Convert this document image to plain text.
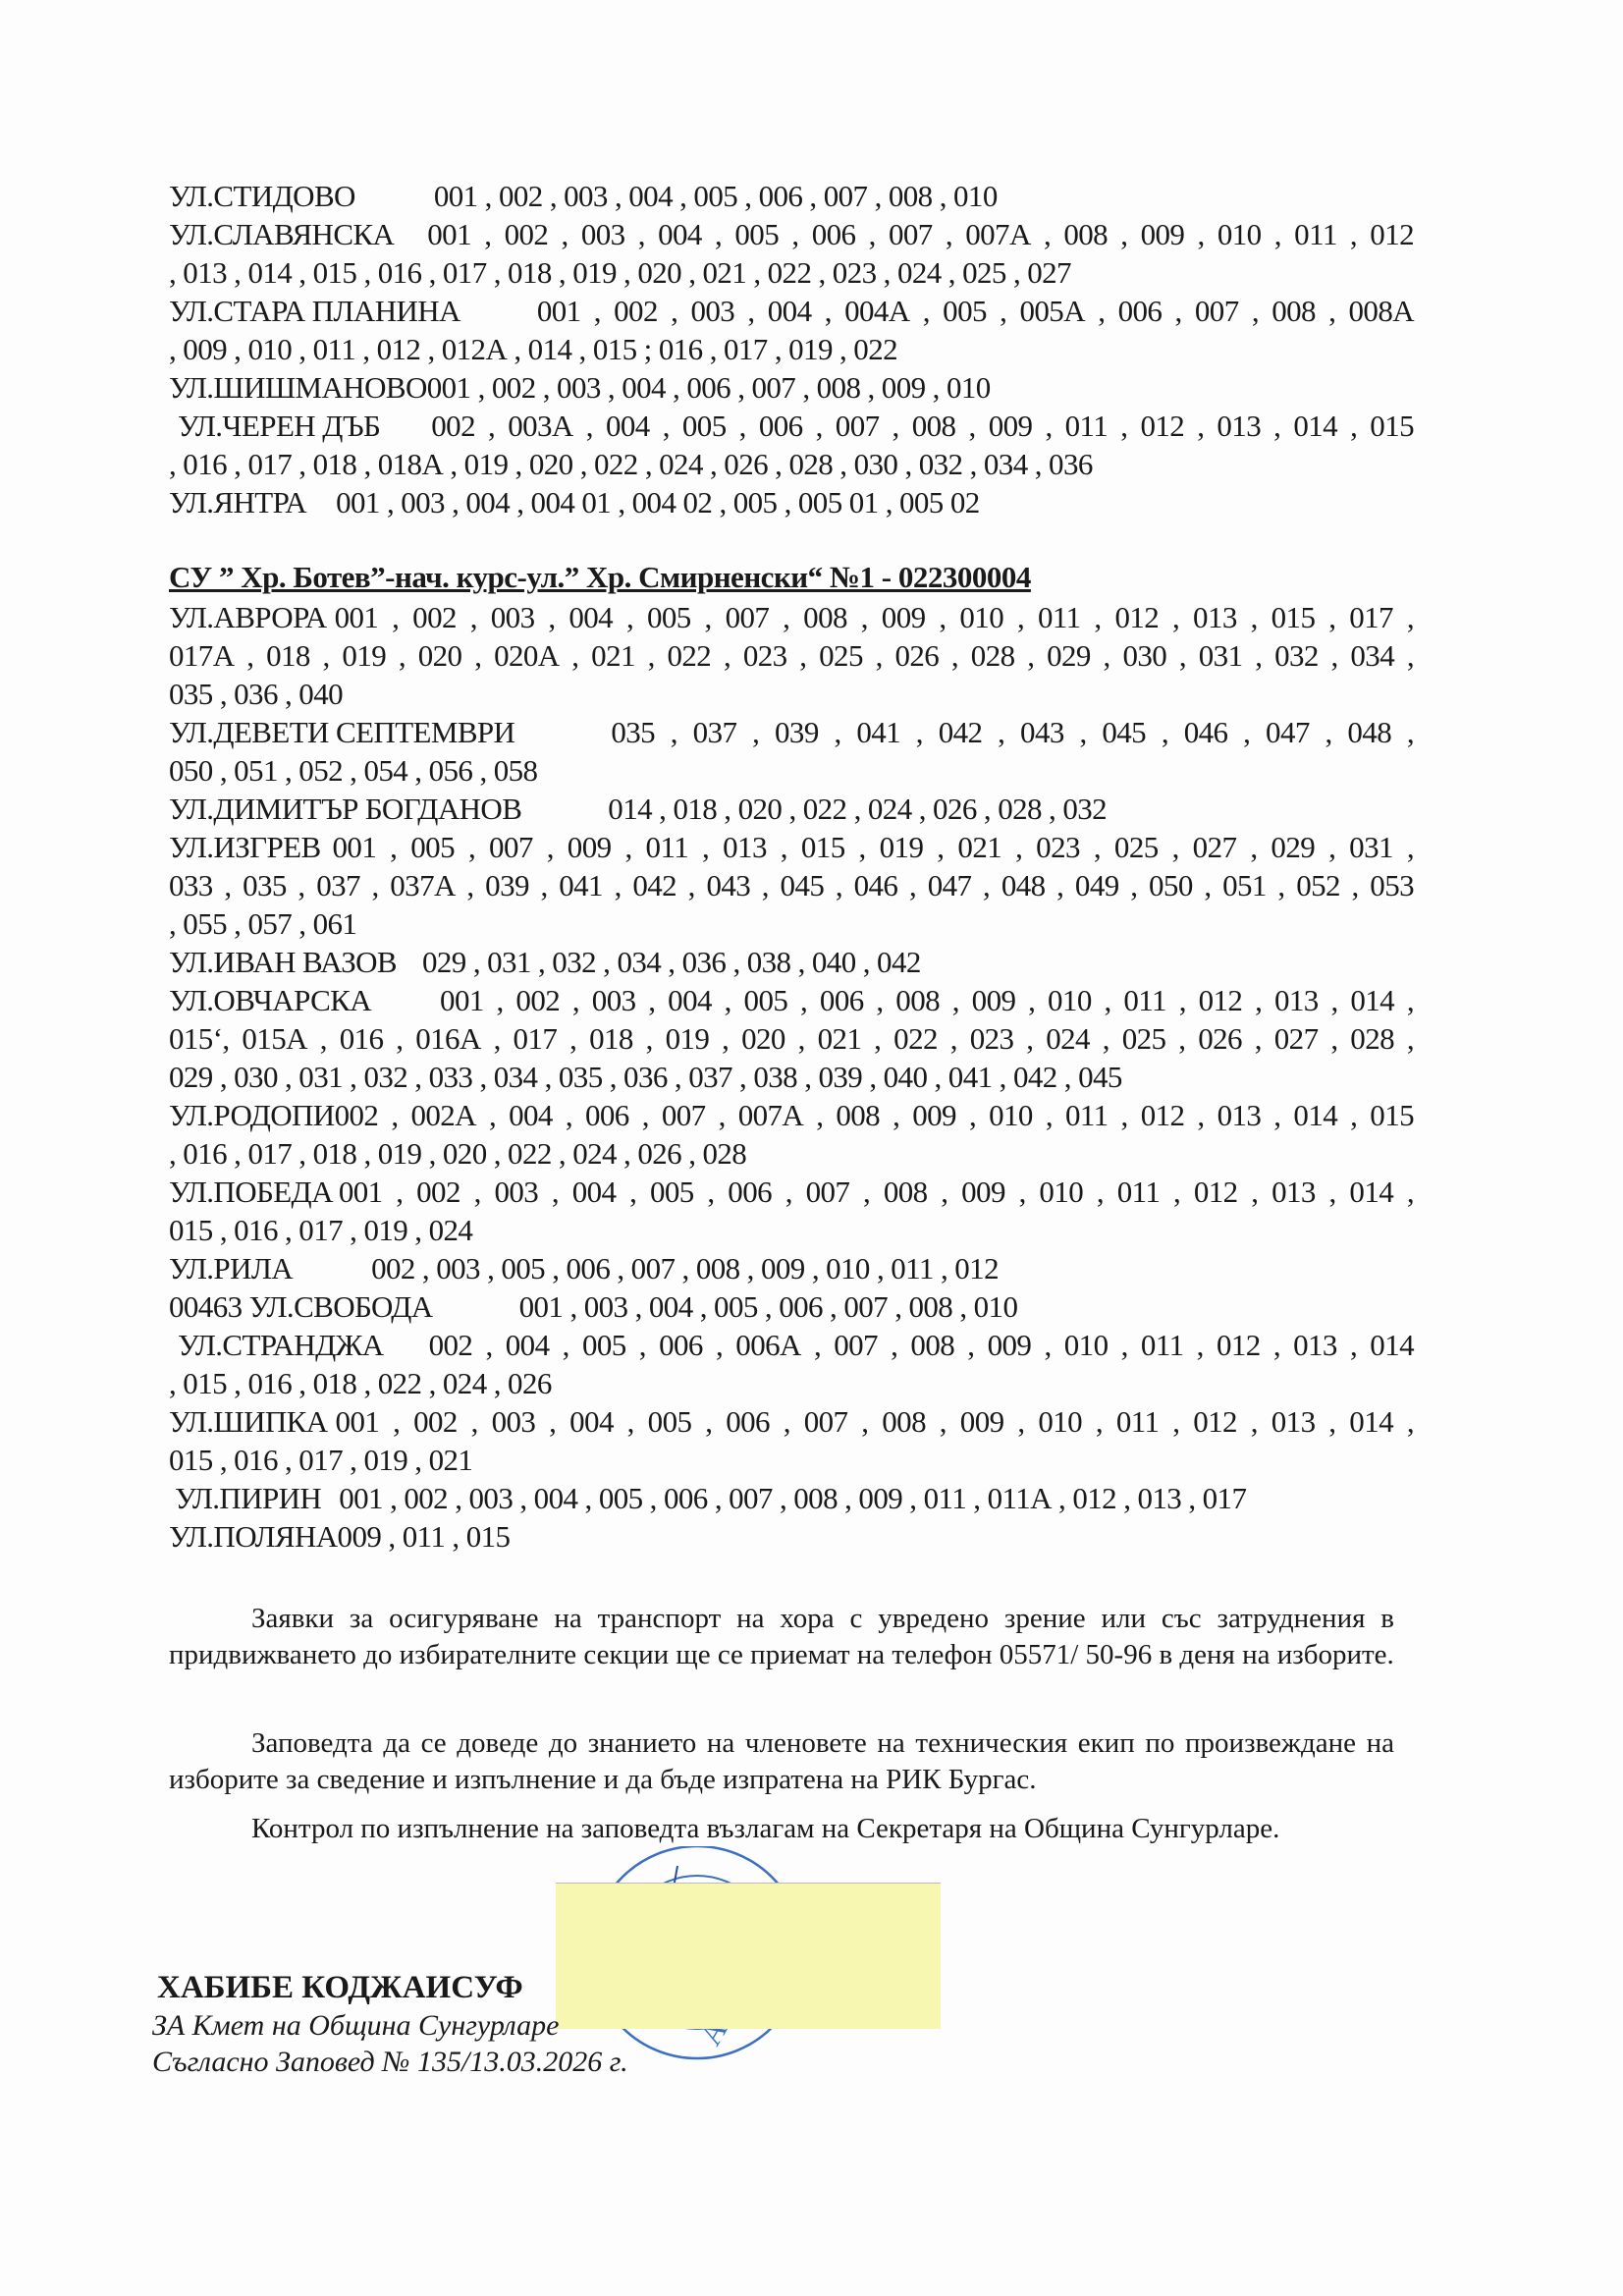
УЛ.СТИДОВО	001 , 002 , 003 , 004 , 005 , 006 , 007 , 008 , 010
УЛ.СЛАВЯНСКА 001 , 002 , 003 , 004 , 005 , 006 , 007 , 007А , 008 , 009 , 010 , 011 , 012
, 013 , 014 , 015 , 016 , 017 , 018 , 019 , 020 , 021 , 022 , 023 , 024 , 025 , 027
УЛ.СТАРА ПЛАНИНА	001 , 002 , 003 , 004 , 004А , 005 , 005А , 006 , 007 , 008 , 008А
, 009 , 010 , 011 , 012 , 012А , 014 , 015 ; 016 , 017 , 019 , 022
УЛ.ШИШМАНОВО 001 , 002 , 003 , 004 , 006 , 007 , 008 , 009 , 010
УЛ.ЧЕРЕН ДЪБ 002 , 003А , 004 , 005 , 006 , 007 , 008 , 009 , 011 , 012 , 013 , 014 , 015
, 016 , 017 , 018 , 018А , 019 , 020 , 022 , 024 , 026 , 028 , 030 , 032 , 034 , 036
УЛ.ЯНТРА 001 , 003 , 004 , 004 01 , 004 02 , 005 , 005 01 , 005 02
СУ ” Хр. Ботев”-нач. курс-ул.” Хр. Смирненски“ №1 - 022300004
УЛ.АВРОРА 001 , 002 , 003 , 004 , 005 , 007 , 008 , 009 , 010 , 011 , 012 , 013 , 015 , 017 ,
017А , 018 , 019 , 020 , 020А , 021 , 022 , 023 , 025 , 026 , 028 , 029 , 030 , 031 , 032 , 034 ,
035 , 036 , 040
УЛ.ДЕВЕТИ СЕПТЕМВРИ	035 , 037 , 039 , 041 , 042 , 043 , 045 , 046 , 047 , 048 ,
050 , 051 , 052 , 054 , 056 , 058
УЛ.ДИМИТЪР БОГДАНОВ	014 , 018 , 020 , 022 , 024 , 026 , 028 , 032
УЛ.ИЗГРЕВ 001 , 005 , 007 , 009 , 011 , 013 , 015 , 019 , 021 , 023 , 025 , 027 , 029 , 031 ,
033 , 035 , 037 , 037А , 039 , 041 , 042 , 043 , 045 , 046 , 047 , 048 , 049 , 050 , 051 , 052 , 053
, 055 , 057 , 061
УЛ.ИВАН ВАЗОВ 029 , 031 , 032 , 034 , 036 , 038 , 040 , 042
УЛ.ОВЧАРСКА 001 , 002 , 003 , 004 , 005 , 006 , 008 , 009 , 010 , 011 , 012 , 013 , 014 ,
015ʻ, 015А , 016 , 016А , 017 , 018 , 019 , 020 , 021 , 022 , 023 , 024 , 025 , 026 , 027 , 028 ,
029 , 030 , 031 , 032 , 033 , 034 , 035 , 036 , 037 , 038 , 039 , 040 , 041 , 042 , 045
УЛ.РОДОПИ 002 , 002А , 004 , 006 , 007 , 007А , 008 , 009 , 010 , 011 , 012 , 013 , 014 , 015
, 016 , 017 , 018 , 019 , 020 , 022 , 024 , 026 , 028
УЛ.ПОБЕДА 001 , 002 , 003 , 004 , 005 , 006 , 007 , 008 , 009 , 010 , 011 , 012 , 013 , 014 ,
015 , 016 , 017 , 019 , 024
УЛ.РИЛА	002 , 003 , 005 , 006 , 007 , 008 , 009 , 010 , 011 , 012
00463 УЛ.СВОБОДА	001 , 003 , 004 , 005 , 006 , 007 , 008 , 010
УЛ.СТРАНДЖА 002 , 004 , 005 , 006 , 006А , 007 , 008 , 009 , 010 , 011 , 012 , 013 , 014
, 015 , 016 , 018 , 022 , 024 , 026
УЛ.ШИПКА 001 , 002 , 003 , 004 , 005 , 006 , 007 , 008 , 009 , 010 , 011 , 012 , 013 , 014 ,
015 , 016 , 017 , 019 , 021
УЛ.ПИРИН 001 , 002 , 003 , 004 , 005 , 006 , 007 , 008 , 009 , 011 , 011А , 012 , 013 , 017
УЛ.ПОЛЯНА 009 , 011 , 015
Заявки за осигуряване на транспорт на хора с увредено зрение или със затруднения в придвижването до избирателните секции ще се приемат на телефон 05571/ 50-96 в деня на изборите.
Заповедта да се доведе до знанието на членовете на техническия екип по произвеждане на изборите за сведение и изпълнение и да бъде изпратена на РИК Бургас.
Контрол по изпълнение на заповедта възлагам на Секретаря на Община Сунгурларе.
ХАБИБЕ КОДЖАИСУФ
ЗА Кмет на Община Сунгурларе
Съгласно Заповед № 135/13.03.2026 г.
